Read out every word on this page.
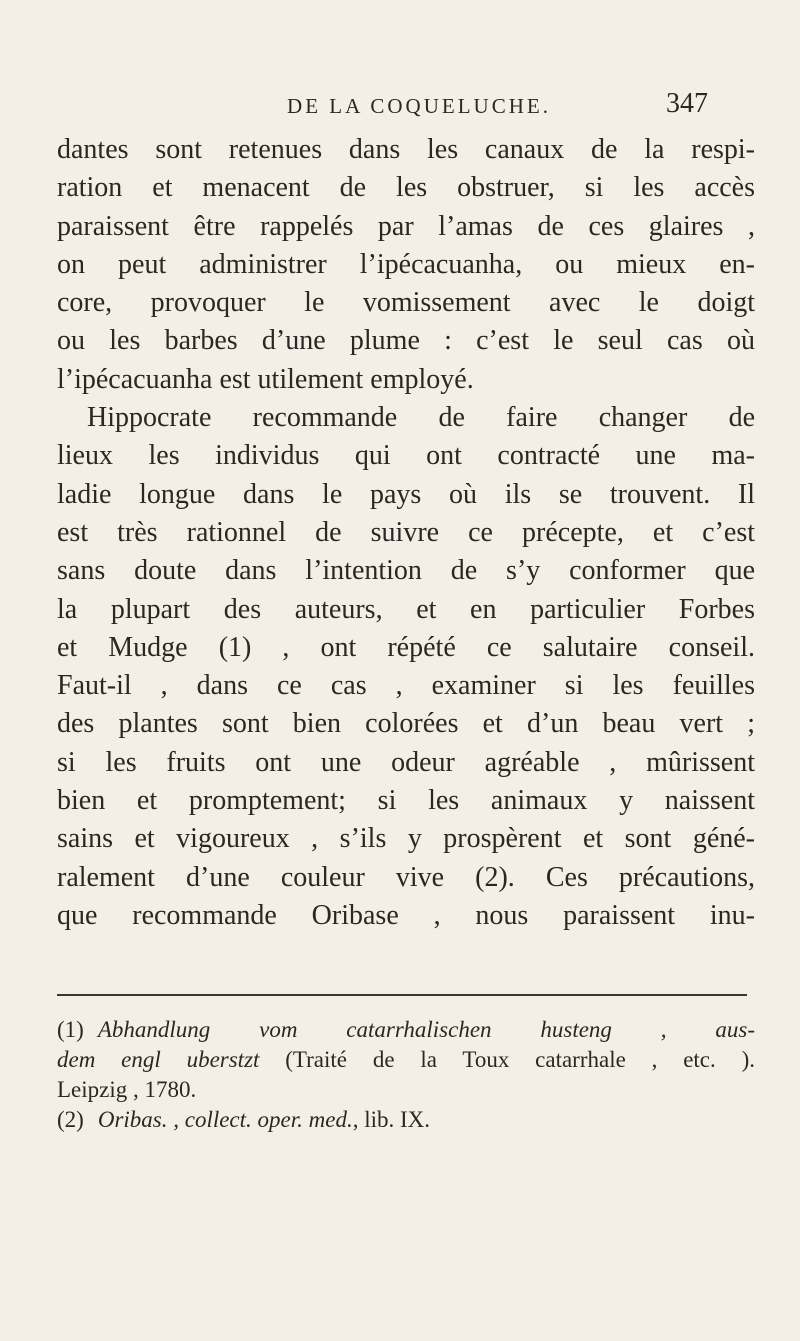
DE LA COQUELUCHE.	347
dantes sont retenues dans les canaux de la respi-
ration et menacent de les obstruer, si les accès
paraissent être rappelés par l’amas de ces glaires ,
on peut administrer l’ipécacuanha, ou mieux en-
core, provoquer le vomissement avec le doigt
ou les barbes d’une plume : c’est le seul cas où
l’ipécacuanha est utilement employé.
Hippocrate recommande de faire changer de
lieux les individus qui ont contracté une ma-
ladie longue dans le pays où ils se trouvent. Il
est très rationnel de suivre ce précepte, et c’est
sans doute dans l’intention de s’y conformer que
la plupart des auteurs, et en particulier Forbes
et Mudge (1) , ont répété ce salutaire conseil.
Faut-il , dans ce cas , examiner si les feuilles
des plantes sont bien colorées et d’un beau vert ;
si les fruits ont une odeur agréable , mûrissent
bien et promptement; si les animaux y naissent
sains et vigoureux , s’ils y prospèrent et sont géné-
ralement d’une couleur vive (2). Ces précautions,
que recommande Oribase , nous paraissent inu-
(1) Abhandlung vom catarrhalischen husteng , aus-
dem engl uberstzt (Traité de la Toux catarrhale , etc. ).
Leipzig , 1780.
(2) Oribas. , collect. oper. med., lib. IX.
